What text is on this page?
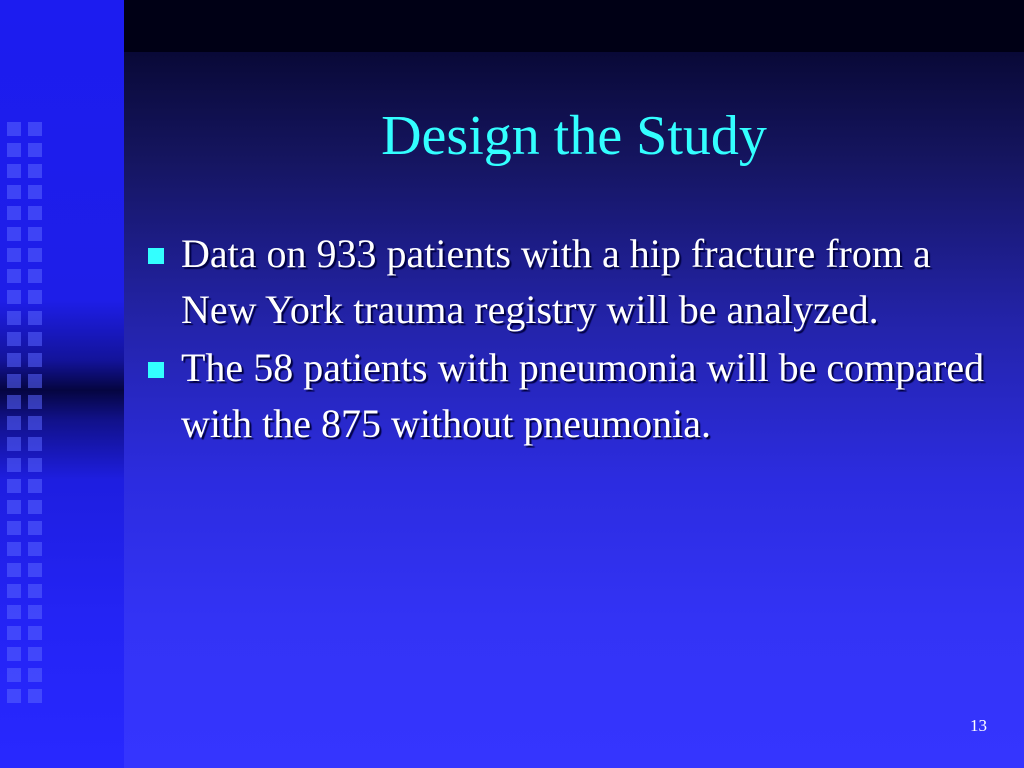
Design the Study
Data on 933 patients with a hip fracture from a New York trauma registry will be analyzed.
The 58 patients with pneumonia will be compared with the 875 without pneumonia.
13
